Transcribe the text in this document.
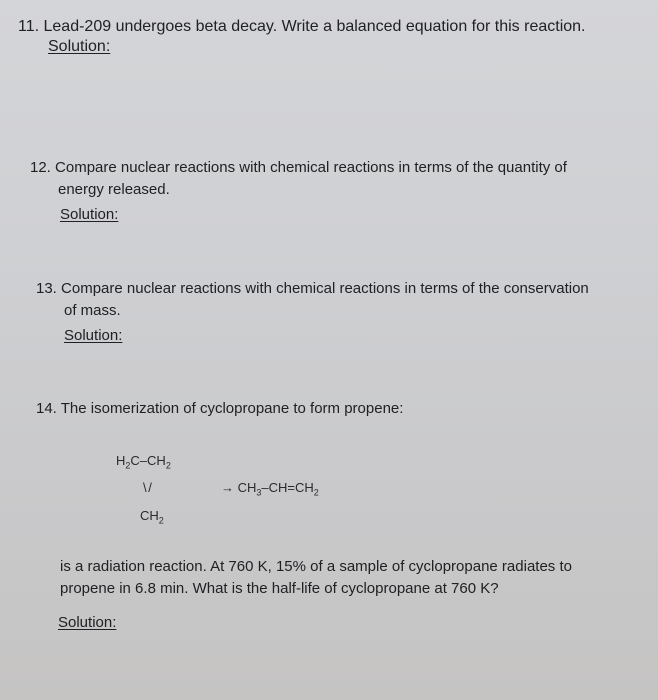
11. Lead-209 undergoes beta decay. Write a balanced equation for this reaction.
Solution:
12. Compare nuclear reactions with chemical reactions in terms of the quantity of
energy released.
Solution:
13. Compare nuclear reactions with chemical reactions in terms of the conservation
of mass.
Solution:
14. The isomerization of cyclopropane to form propene:
$H_2C-CH_2$
\ /
$CH_2$
→ $CH_3-CH=CH_2$
is a radiation reaction. At 760 K, 15% of a sample of cyclopropane radiates to
propene in 6.8 min. What is the half-life of cyclopropane at 760 K?
Solution:
